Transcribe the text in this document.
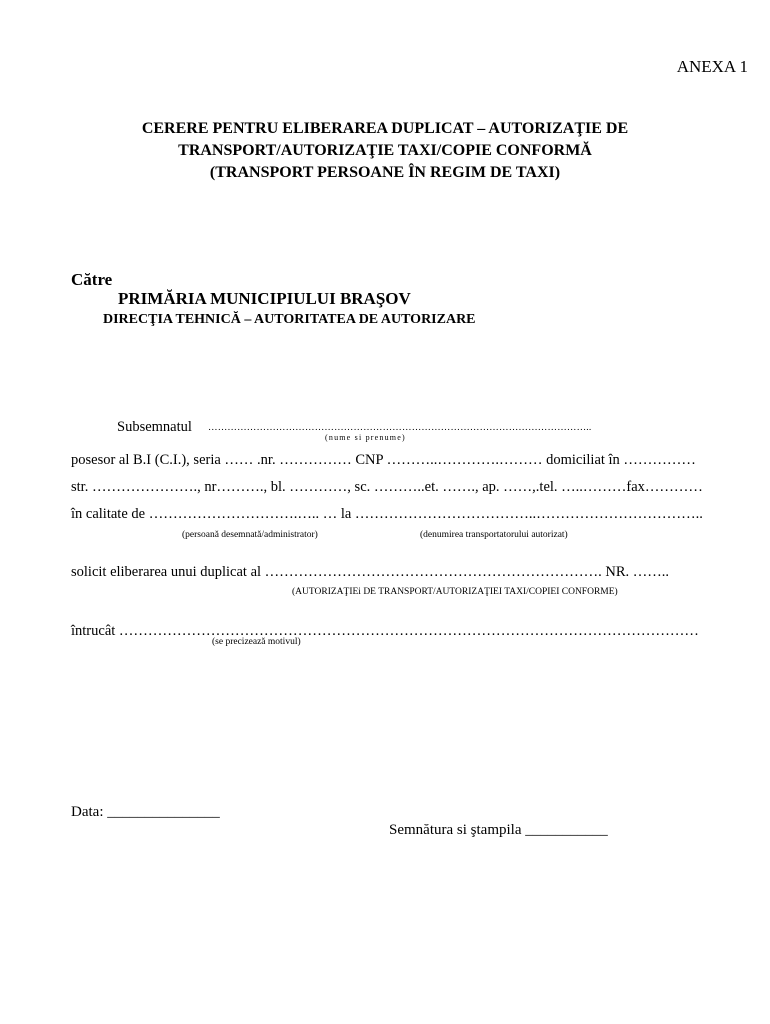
ANEXA 1
CERERE PENTRU ELIBERAREA DUPLICAT – AUTORIZAŢIE DE
TRANSPORT/AUTORIZAŢIE TAXI/COPIE CONFORMĂ
(TRANSPORT PERSOANE ÎN REGIM DE TAXI)
Către
PRIMĂRIA MUNICIPIULUI BRAŞOV
DIRECŢIA TEHNICĂ – AUTORITATEA DE AUTORIZARE
Subsemnatul ………………………………………………………………………………………………………..
(nume si prenume)
posesor al B.I (C.I.), seria …… .nr. …………… CNP ………..………….……… domiciliat în ……………
str. …………………., nr………., bl. …………, sc. ………..et. ……., ap. ……,.tel. …..………fax…………
în calitate de ………………………….….. … la ………………………………..……………………………..
(persoană desemnată/administrator)	(denumirea transportatorului autorizat)
solicit eliberarea unui duplicat al ……………………………………………………………. NR. ……..
(AUTORIZAŢIEi DE TRANSPORT/AUTORIZAŢIEI TAXI/COPIEI CONFORME)
întrucât …………………………………………………………………………………………………………
(se precizează motivul)
Data: _______________
Semnătura si ştampila ___________
